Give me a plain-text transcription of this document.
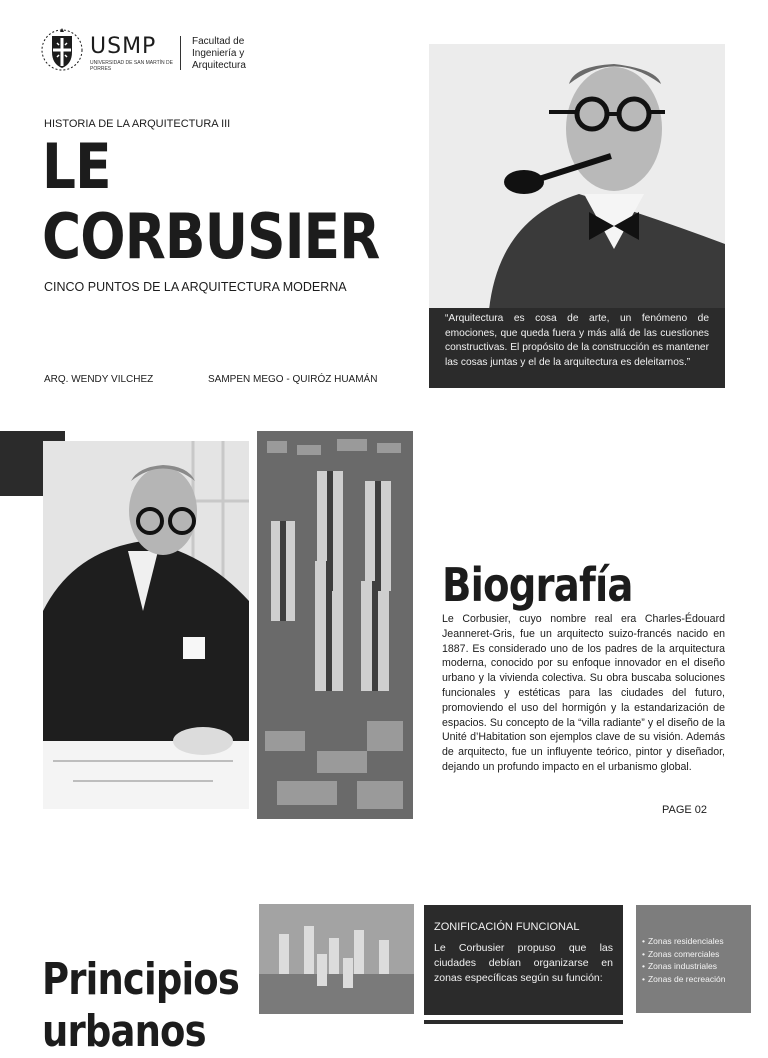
USMP
UNIVERSIDAD DE SAN MARTÍN DE PORRES
Facultad de
Ingeniería y
Arquitectura
HISTORIA DE LA ARQUITECTURA III
LE
CORBUSIER
CINCO PUNTOS DE LA ARQUITECTURA MODERNA
ARQ. WENDY VILCHEZ	SAMPEN MEGO - QUIRÓZ HUAMÁN
“Arquitectura es cosa de arte, un fenómeno de emociones, que queda fuera y más allá de las cuestiones constructivas. El propósito de la construcción es mantener las cosas juntas y el de la arquitectura es deleitarnos.”
Biografía
Le Corbusier, cuyo nombre real era Charles-Édouard Jeanneret-Gris, fue un arquitecto suizo-francés nacido en 1887. Es considerado uno de los padres de la arquitectura moderna, conocido por su enfoque innovador en el diseño urbano y la vivienda colectiva. Su obra buscaba soluciones funcionales y estéticas para las ciudades del futuro, promoviendo el uso del hormigón y la estandarización de espacios. Su concepto de la “villa radiante” y el diseño de la Unité d’Habitation son ejemplos clave de su visión. Además de arquitecto, fue un influyente teórico, pintor y diseñador, dejando un profundo impacto en el urbanismo global.
PAGE 02
Principios
urbanos
ZONIFICACIÓN FUNCIONAL
Le Corbusier propuso que las ciudades debían organizarse en zonas específicas según su función:
• Zonas residenciales
• Zonas comerciales
• Zonas industriales
• Zonas de recreación
